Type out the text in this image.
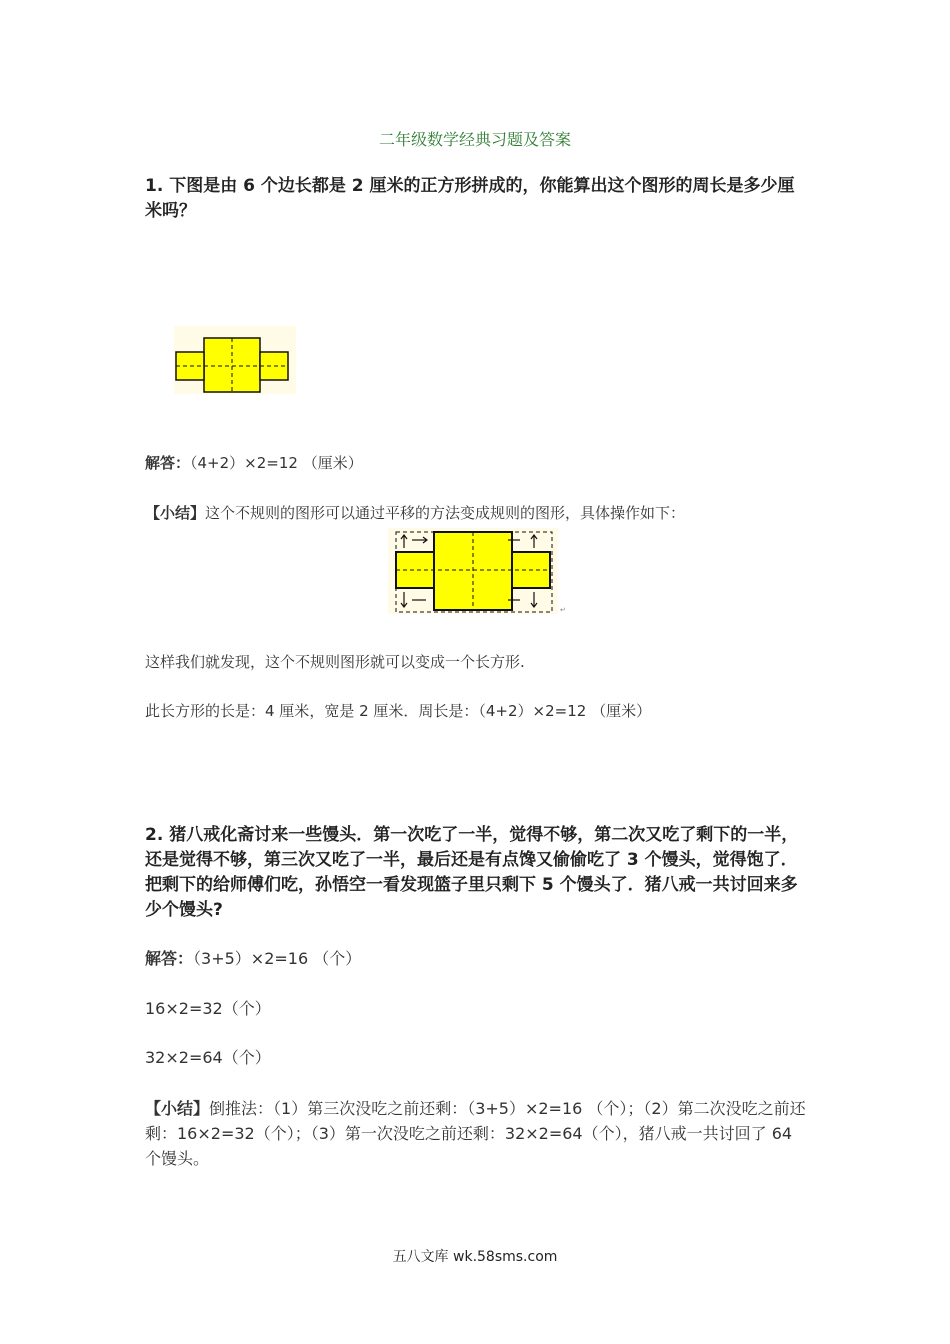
二年级数学经典习题及答案
1. 下图是由 6 个边长都是 2 厘米的正方形拼成的，你能算出这个图形的周长是多少厘米吗？
解答：（4+2）×2=12 （厘米）
【小结】这个不规则的图形可以通过平移的方法变成规则的图形，具体操作如下：
↵
这样我们就发现，这个不规则图形就可以变成一个长方形.
此长方形的长是：4 厘米，宽是 2 厘米．周长是：（4+2）×2=12 （厘米）
2. 猪八戒化斋讨来一些馒头．第一次吃了一半，觉得不够，第二次又吃了剩下的一半，还是觉得不够，第三次又吃了一半，最后还是有点馋又偷偷吃了 3 个馒头，觉得饱了．把剩下的给师傅们吃，孙悟空一看发现篮子里只剩下 5 个馒头了．猪八戒一共讨回来多少个馒头?
解答：（3+5）×2=16 （个）
16×2=32（个）
32×2=64（个）
【小结】倒推法：（1）第三次没吃之前还剩：（3+5）×2=16 （个）；（2）第二次没吃之前还剩：16×2=32（个）；（3）第一次没吃之前还剩：32×2=64（个），猪八戒一共讨回了 64 个馒头。
五八文库 wk.58sms.com
